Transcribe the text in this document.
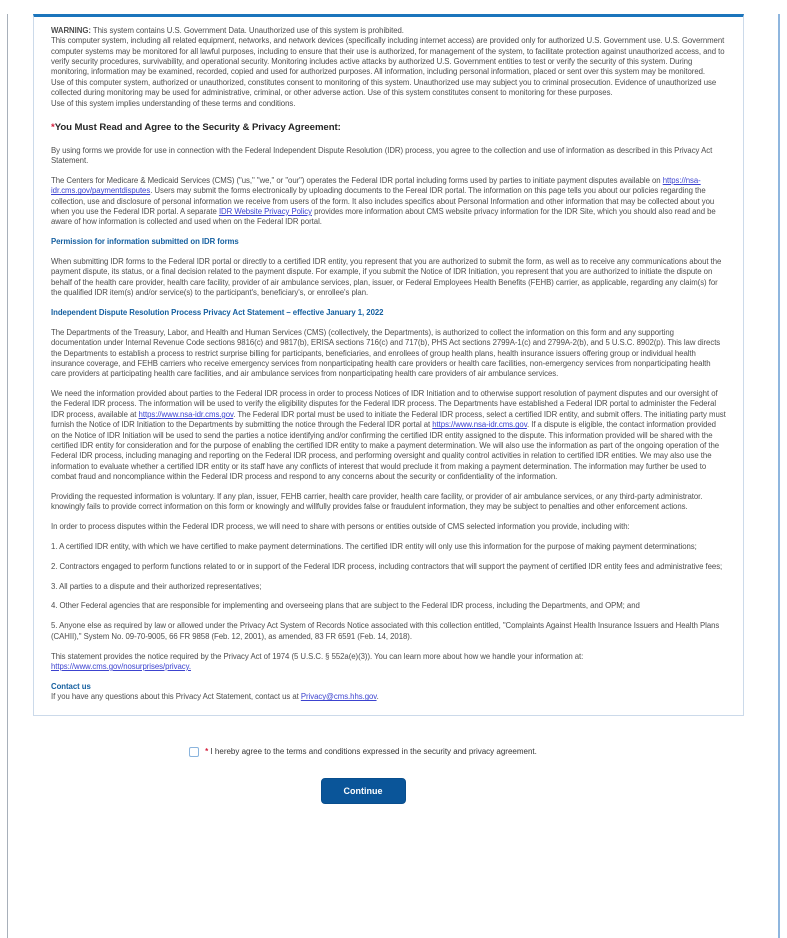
WARNING: This system contains U.S. Government Data. Unauthorized use of this system is prohibited.
This computer system, including all related equipment, networks, and network devices (specifically including internet access) are provided only for authorized U.S. Government use. U.S. Government computer systems may be monitored for all lawful purposes, including to ensure that their use is authorized, for management of the system, to facilitate protection against unauthorized access, and to verify security procedures, survivability, and operational security. Monitoring includes active attacks by authorized U.S. Government entities to test or verify the security of this system. During monitoring, information may be examined, recorded, copied and used for authorized purposes. All information, including personal information, placed or sent over this system may be monitored.
Use of this computer system, authorized or unauthorized, constitutes consent to monitoring of this system. Unauthorized use may subject you to criminal prosecution. Evidence of unauthorized use collected during monitoring may be used for administrative, criminal, or other adverse action. Use of this system constitutes consent to monitoring for these purposes.
Use of this system implies understanding of these terms and conditions.
*You Must Read and Agree to the Security & Privacy Agreement:

By using forms we provide for use in connection with the Federal Independent Dispute Resolution (IDR) process, you agree to the collection and use of information as described in this Privacy Act Statement.

The Centers for Medicare & Medicaid Services (CMS) ("us," "we," or "our") operates the Federal IDR portal including forms used by parties to initiate payment disputes available on https://nsa-idr.cms.gov/paymentdisputes. Users may submit the forms electronically by uploading documents to the Fereal IDR portal. The information on this page tells you about our policies regarding the collection, use and disclosure of personal information we receive from users of the form. It also includes specifics about Personal Information and other information that may be collected about you when you use the Federal IDR portal. A separate IDR Website Privacy Policy provides more information about CMS website privacy information for the IDR Site, which you should also read and be aware of how information is collected and used when on the Federal IDR portal.

Permission for information submitted on IDR forms

When submitting IDR forms to the Federal IDR portal or directly to a certified IDR entity, you represent that you are authorized to submit the form, as well as to receive any communications about the payment dispute, its status, or a final decision related to the payment dispute. For example, if you submit the Notice of IDR Initiation, you represent that you are authorized to initiate the dispute on behalf of the health care provider, health care facility, provider of air ambulance services, plan, issuer, or Federal Employees Health Benefits (FEHB) carrier, as applicable, regarding any claim(s) for the qualified IDR item(s) and/or service(s) to the participant's, beneficiary's, or enrollee's plan.

Independent Dispute Resolution Process Privacy Act Statement – effective January 1, 2022

The Departments of the Treasury, Labor, and Health and Human Services (CMS) (collectively, the Departments), is authorized to collect the information on this form and any supporting documentation under Internal Revenue Code sections 9816(c) and 9817(b), ERISA sections 716(c) and 717(b), PHS Act sections 2799A-1(c) and 2799A-2(b), and 5 U.S.C. 8902(p). This law directs the Departments to establish a process to restrict surprise billing for participants, beneficiaries, and enrollees of group health plans, health insurance issuers offering group or individual health insurance coverage, and FEHB carriers who receive emergency services from nonparticipating health care providers or health care facilities, non-emergency services from nonparticipating health care providers at participating health care facilities, and air ambulance services from nonparticipating health care providers of air ambulance services.

We need the information provided about parties to the Federal IDR process in order to process Notices of IDR Initiation and to otherwise support resolution of payment disputes and our oversight of the Federal IDR process. The information will be used to verify the eligibility disputes for the Federal IDR process. The Departments have established a Federal IDR portal to administer the Federal IDR process, available at https://www.nsa-idr.cms.gov. The Federal IDR portal must be used to initiate the Federal IDR process, select a certified IDR entity, and submit offers. The initiating party must furnish the Notice of IDR Initiation to the Departments by submitting the notice through the Federal IDR portal at https://www.nsa-idr.cms.gov. If a dispute is eligible, the contact information provided on the Notice of IDR Initiation will be used to send the parties a notice identifying and/or confirming the certified IDR entity assigned to the dispute. This information provided will be shared with the certified IDR entity for consideration and for the purpose of enabling the certified IDR entity to make a payment determination. We will also use the information as part of the ongoing operation of the Federal IDR process, including managing and reporting on the Federal IDR process, and performing oversight and quality control activities in relation to certified IDR entities. We may also use the information to evaluate whether a certified IDR entity or its staff have any conflicts of interest that would preclude it from making a payment determination. The information may further be used to combat fraud and noncompliance within the Federal IDR process and respond to any concerns about the security or confidentiality of the information.

Providing the requested information is voluntary. If any plan, issuer, FEHB carrier, health care provider, health care facility, or provider of air ambulance services, or any third-party administrator. knowingly fails to provide correct information on this form or knowingly and willfully provides false or fraudulent information, they may be subject to penalties and other enforcement actions.

In order to process disputes within the Federal IDR process, we will need to share with persons or entities outside of CMS selected information you provide, including with:

1. A certified IDR entity, with which we have certified to make payment determinations. The certified IDR entity will only use this information for the purpose of making payment determinations;

2. Contractors engaged to perform functions related to or in support of the Federal IDR process, including contractors that will support the payment of certified IDR entity fees and administrative fees;

3. All parties to a dispute and their authorized representatives;

4. Other Federal agencies that are responsible for implementing and overseeing plans that are subject to the Federal IDR process, including the Departments, and OPM; and

5. Anyone else as required by law or allowed under the Privacy Act System of Records Notice associated with this collection entitled, "Complaints Against Health Insurance Issuers and Health Plans (CAHII)," System No. 09-70-9005, 66 FR 9858 (Feb. 12, 2001), as amended, 83 FR 6591 (Feb. 14, 2018).

This statement provides the notice required by the Privacy Act of 1974 (5 U.S.C. § 552a(e)(3)). You can learn more about how we handle your information at:
https://www.cms.gov/nosurprises/privacy.

Contact us

If you have any questions about this Privacy Act Statement, contact us at Privacy@cms.hhs.gov.

* I hereby agree to the terms and conditions expressed in the security and privacy agreement.
Continue
